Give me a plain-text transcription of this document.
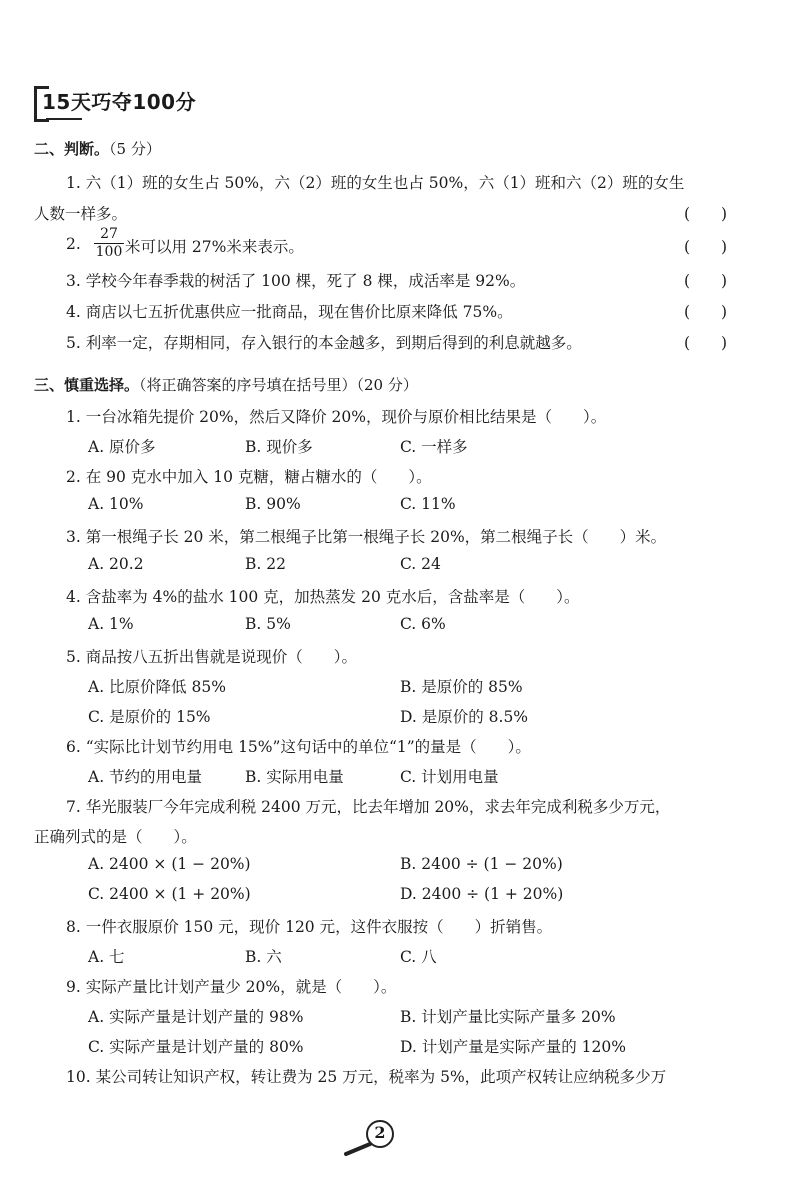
15天巧夺100分
二、判断。（5 分）
1. 六（1）班的女生占 50%，六（2）班的女生也占 50%，六（1）班和六（2）班的女生
人数一样多。	(　　)
2. $\frac{27}{100}$ 米可以用 27%米来表示。	(　　)
3. 学校今年春季栽的树活了 100 棵，死了 8 棵，成活率是 92%。	(　　)
4. 商店以七五折优惠供应一批商品，现在售价比原来降低 75%。	(　　)
5. 利率一定，存期相同，存入银行的本金越多，到期后得到的利息就越多。	(　　)
三、慎重选择。（将正确答案的序号填在括号里）（20 分）
1. 一台冰箱先提价 20%，然后又降价 20%，现价与原价相比结果是（　　）。
A. 原价多	B. 现价多	C. 一样多
2. 在 90 克水中加入 10 克糖，糖占糖水的（　　）。
A. 10%	B. 90%	C. 11%
3. 第一根绳子长 20 米，第二根绳子比第一根绳子长 20%，第二根绳子长（　　）米。
A. 20.2	B. 22	C. 24
4. 含盐率为 4%的盐水 100 克，加热蒸发 20 克水后，含盐率是（　　）。
A. 1%	B. 5%	C. 6%
5. 商品按八五折出售就是说现价（　　）。
A. 比原价降低 85%	B. 是原价的 85%
C. 是原价的 15%	D. 是原价的 8.5%
6. “实际比计划节约用电 15%”这句话中的单位“1”的量是（　　）。
A. 节约的用电量	B. 实际用电量	C. 计划用电量
7. 华光服装厂今年完成利税 2400 万元，比去年增加 20%，求去年完成利税多少万元，
正确列式的是（　　）。
A. 2400 × (1 − 20%)	B. 2400 ÷ (1 − 20%)
C. 2400 × (1 + 20%)	D. 2400 ÷ (1 + 20%)
8. 一件衣服原价 150 元，现价 120 元，这件衣服按（　　）折销售。
A. 七	B. 六	C. 八
9. 实际产量比计划产量少 20%，就是（　　）。
A. 实际产量是计划产量的 98%	B. 计划产量比实际产量多 20%
C. 实际产量是计划产量的 80%	D. 计划产量是实际产量的 120%
10. 某公司转让知识产权，转让费为 25 万元，税率为 5%，此项产权转让应纳税多少万
2
